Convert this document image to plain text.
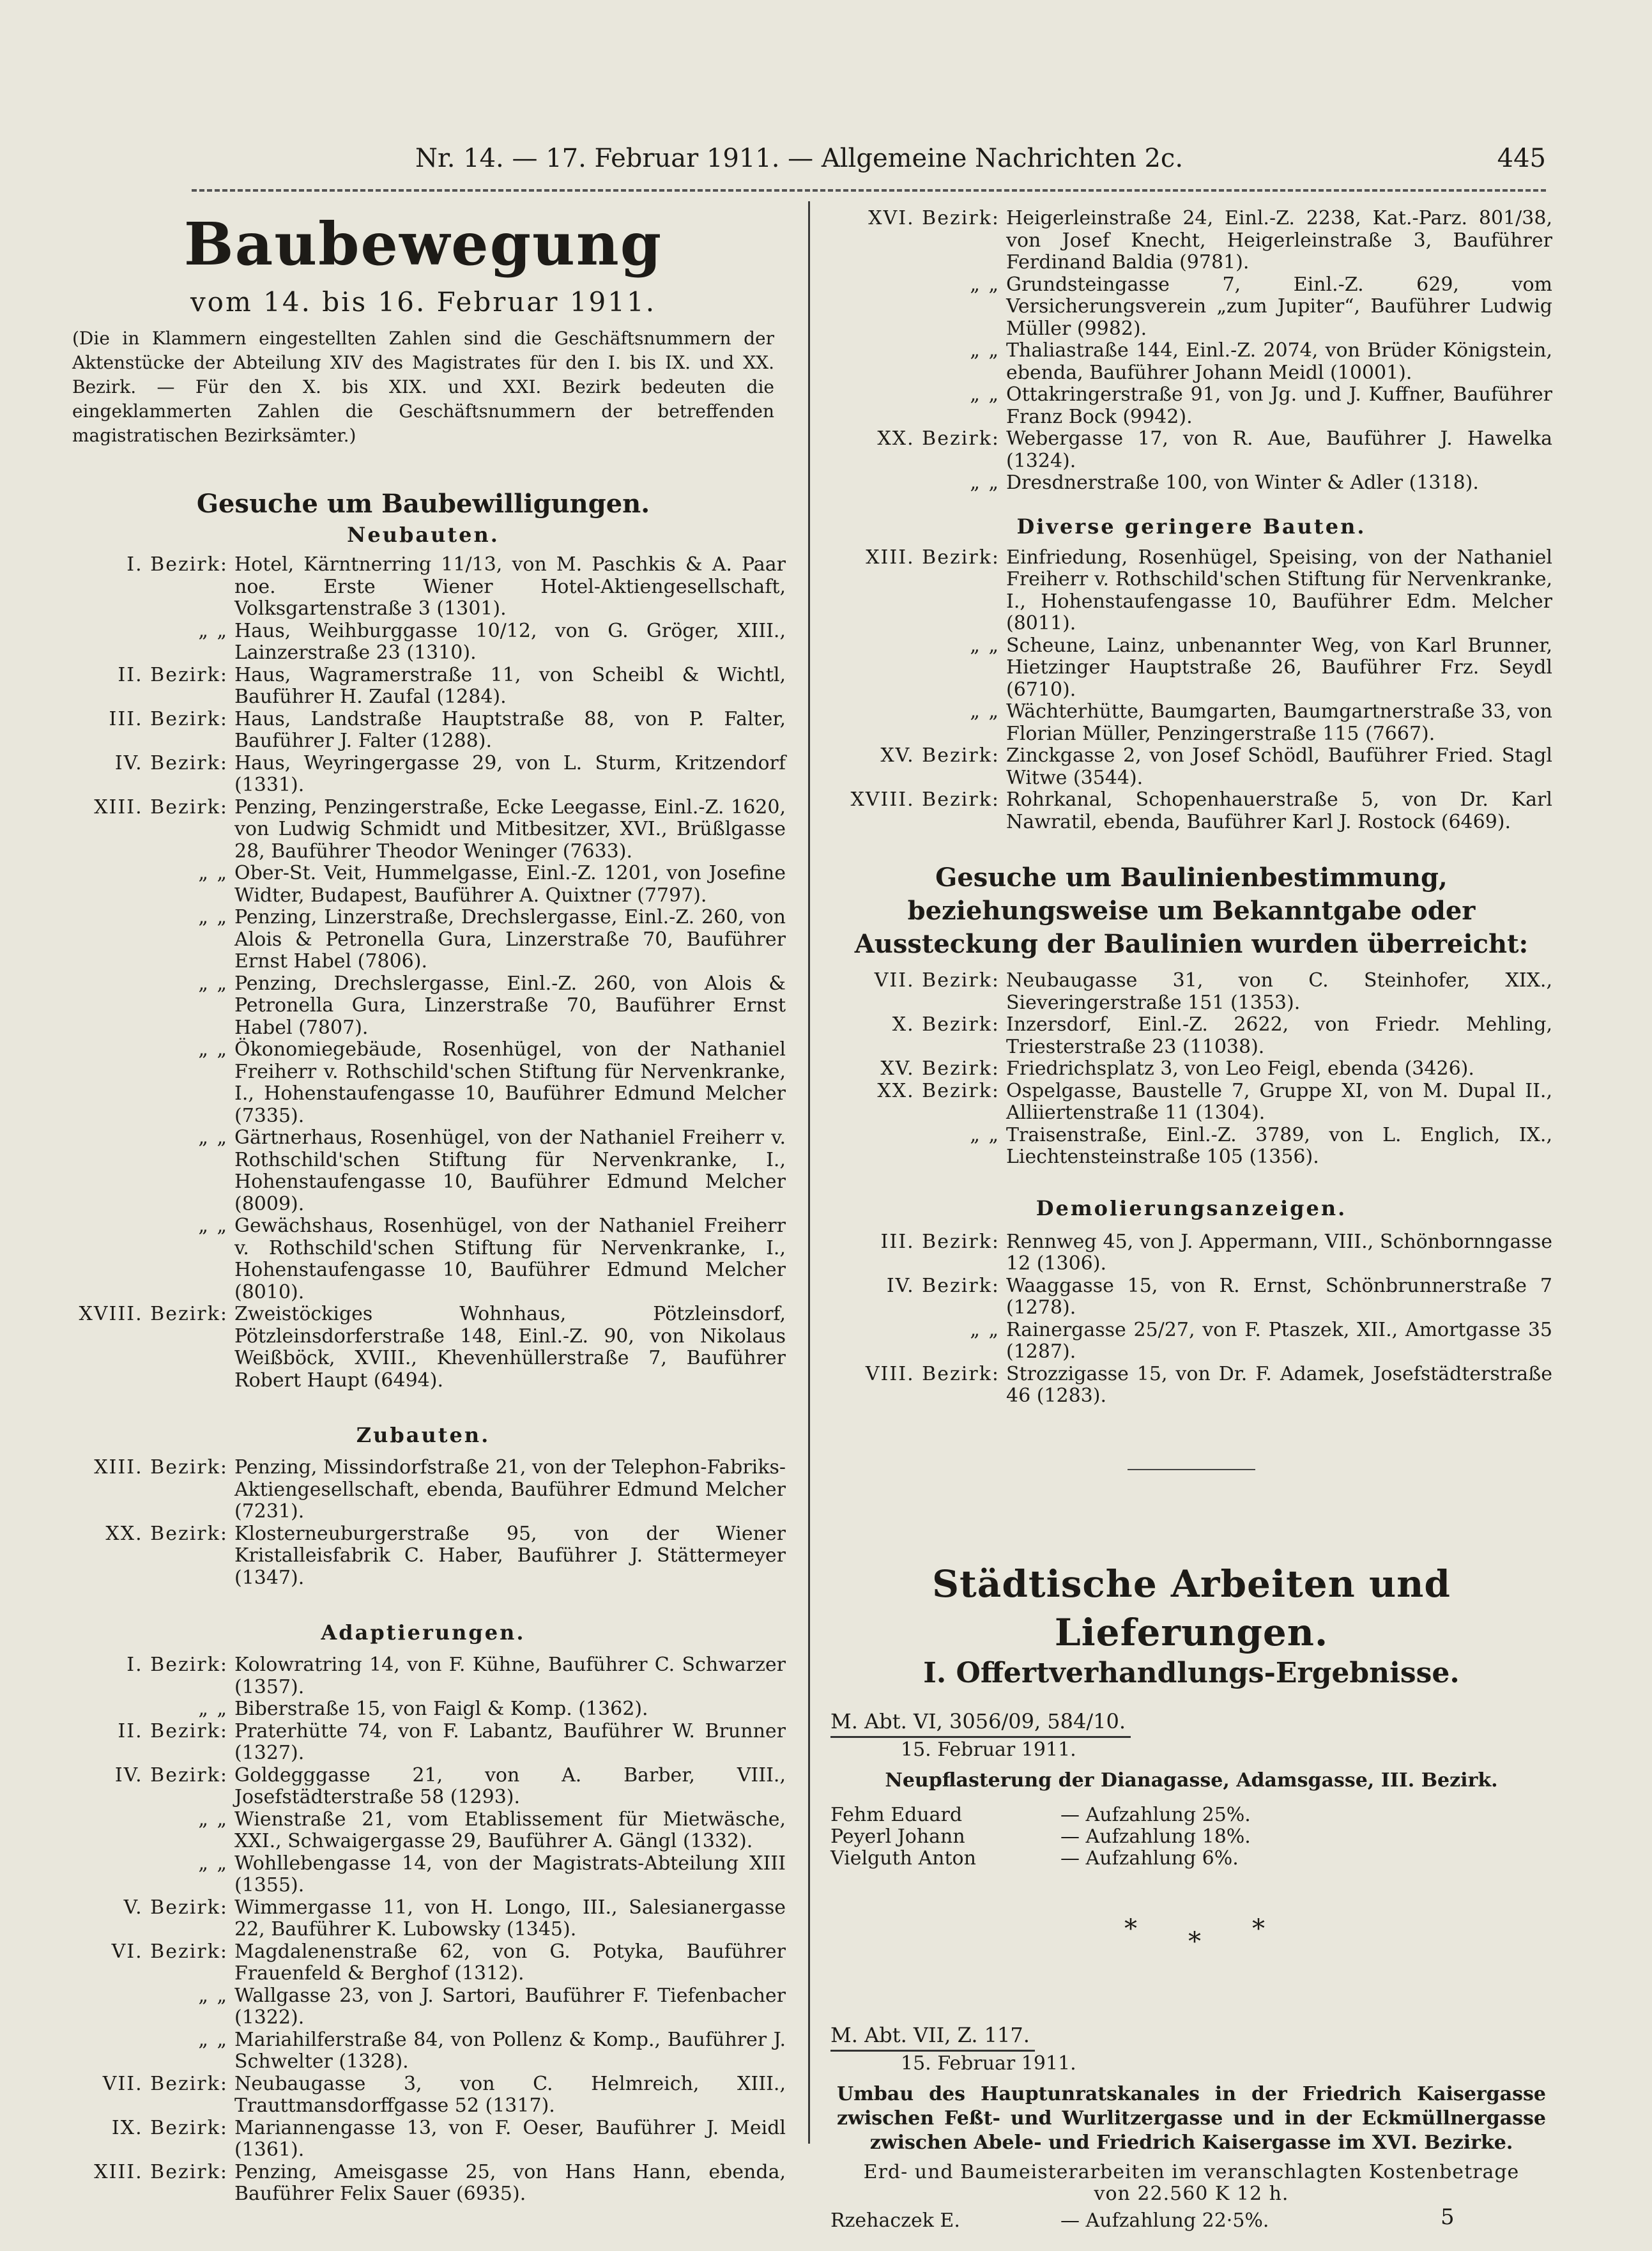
Nr. 14. — 17. Februar 1911. — Allgemeine Nachrichten 2c.	445
Baubewegung
vom 14. bis 16. Februar 1911.
(Die in Klammern eingestellten Zahlen sind die Geschäftsnummern der Aktenstücke der Abteilung XIV des Magistrates für den I. bis IX. und XX. Bezirk. — Für den X. bis XIX. und XXI. Bezirk bedeuten die eingeklammerten Zahlen die Geschäftsnummern der betreffenden magistratischen Bezirksämter.)
Gesuche um Baubewilligungen.
Neubauten.
I. Bezirk: Hotel, Kärntnerring 11/13, von M. Paschkis & A. Paar noe. Erste Wiener Hotel-Aktiengesellschaft, Volksgartenstraße 3 (1301).
„ „ Haus, Weihburggasse 10/12, von G. Gröger, XIII., Lainzerstraße 23 (1310).
II. Bezirk: Haus, Wagramerstraße 11, von Scheibl & Wichtl, Bauführer H. Zaufal (1284).
III. Bezirk: Haus, Landstraße Hauptstraße 88, von P. Falter, Bauführer J. Falter (1288).
IV. Bezirk: Haus, Weyringergasse 29, von L. Sturm, Kritzendorf (1331).
XIII. Bezirk: Penzing, Penzingerstraße, Ecke Leegasse, Einl.-Z. 1620, von Ludwig Schmidt und Mitbesitzer, XVI., Brüßlgasse 28, Bauführer Theodor Weninger (7633).
„ „ Ober-St. Veit, Hummelgasse, Einl.-Z. 1201, von Josefine Widter, Budapest, Bauführer A. Quixtner (7797).
„ „ Penzing, Linzerstraße, Drechslergasse, Einl.-Z. 260, von Alois & Petronella Gura, Linzerstraße 70, Bauführer Ernst Habel (7806).
„ „ Penzing, Drechslergasse, Einl.-Z. 260, von Alois & Petronella Gura, Linzerstraße 70, Bauführer Ernst Habel (7807).
„ „ Ökonomiegebäude, Rosenhügel, von der Nathaniel Freiherr v. Rothschild'schen Stiftung für Nervenkranke, I., Hohenstaufengasse 10, Bauführer Edmund Melcher (7335).
„ „ Gärtnerhaus, Rosenhügel, von der Nathaniel Freiherr v. Rothschild'schen Stiftung für Nervenkranke, I., Hohenstaufengasse 10, Bauführer Edmund Melcher (8009).
„ „ Gewächshaus, Rosenhügel, von der Nathaniel Freiherr v. Rothschild'schen Stiftung für Nervenkranke, I., Hohenstaufengasse 10, Bauführer Edmund Melcher (8010).
XVIII. Bezirk: Zweistöckiges Wohnhaus, Pötzleinsdorf, Pötzleinsdorferstraße 148, Einl.-Z. 90, von Nikolaus Weißböck, XVIII., Khevenhüllerstraße 7, Bauführer Robert Haupt (6494).
Zubauten.
XIII. Bezirk: Penzing, Missindorfstraße 21, von der Telephon-Fabriks-Aktiengesellschaft, ebenda, Bauführer Edmund Melcher (7231).
XX. Bezirk: Klosterneuburgerstraße 95, von der Wiener Kristalleisfabrik C. Haber, Bauführer J. Stättermeyer (1347).
Adaptierungen.
I. Bezirk: Kolowratring 14, von F. Kühne, Bauführer C. Schwarzer (1357).
„ „ Biberstraße 15, von Faigl & Komp. (1362).
II. Bezirk: Praterhütte 74, von F. Labantz, Bauführer W. Brunner (1327).
IV. Bezirk: Goldegggasse 21, von A. Barber, VIII., Josefstädterstraße 58 (1293).
„ „ Wienstraße 21, vom Etablissement für Mietwäsche, XXI., Schwaigergasse 29, Bauführer A. Gängl (1332).
„ „ Wohllebengasse 14, von der Magistrats-Abteilung XIII (1355).
V. Bezirk: Wimmergasse 11, von H. Longo, III., Salesianergasse 22, Bauführer K. Lubowsky (1345).
VI. Bezirk: Magdalenenstraße 62, von G. Potyka, Bauführer Frauenfeld & Berghof (1312).
„ „ Wallgasse 23, von J. Sartori, Bauführer F. Tiefenbacher (1322).
„ „ Mariahilferstraße 84, von Pollenz & Komp., Bauführer J. Schwelter (1328).
VII. Bezirk: Neubaugasse 3, von C. Helmreich, XIII., Trauttmansdorffgasse 52 (1317).
IX. Bezirk: Mariannengasse 13, von F. Oeser, Bauführer J. Meidl (1361).
XIII. Bezirk: Penzing, Ameisgasse 25, von Hans Hann, ebenda, Bauführer Felix Sauer (6935).
XVI. Bezirk: Heigerleinstraße 24, Einl.-Z. 2238, Kat.-Parz. 801/38, von Josef Knecht, Heigerleinstraße 3, Bauführer Ferdinand Baldia (9781).
„ „ Grundsteingasse 7, Einl.-Z. 629, vom Versicherungsverein „zum Jupiter“, Bauführer Ludwig Müller (9982).
„ „ Thaliastraße 144, Einl.-Z. 2074, von Brüder Königstein, ebenda, Bauführer Johann Meidl (10001).
„ „ Ottakringerstraße 91, von Jg. und J. Kuffner, Bauführer Franz Bock (9942).
XX. Bezirk: Webergasse 17, von R. Aue, Bauführer J. Hawelka (1324).
„ „ Dresdnerstraße 100, von Winter & Adler (1318).
Diverse geringere Bauten.
XIII. Bezirk: Einfriedung, Rosenhügel, Speising, von der Nathaniel Freiherr v. Rothschild'schen Stiftung für Nervenkranke, I., Hohenstaufengasse 10, Bauführer Edm. Melcher (8011).
„ „ Scheune, Lainz, unbenannter Weg, von Karl Brunner, Hietzinger Hauptstraße 26, Bauführer Frz. Seydl (6710).
„ „ Wächterhütte, Baumgarten, Baumgartnerstraße 33, von Florian Müller, Penzingerstraße 115 (7667).
XV. Bezirk: Zinckgasse 2, von Josef Schödl, Bauführer Fried. Stagl Witwe (3544).
XVIII. Bezirk: Rohrkanal, Schopenhauerstraße 5, von Dr. Karl Nawratil, ebenda, Bauführer Karl J. Rostock (6469).
Gesuche um Baulinienbestimmung, beziehungsweise um Bekanntgabe oder Aussteckung der Baulinien wurden überreicht:
VII. Bezirk: Neubaugasse 31, von C. Steinhofer, XIX., Sieveringerstraße 151 (1353).
X. Bezirk: Inzersdorf, Einl.-Z. 2622, von Friedr. Mehling, Triesterstraße 23 (11038).
XV. Bezirk: Friedrichsplatz 3, von Leo Feigl, ebenda (3426).
XX. Bezirk: Ospelgasse, Baustelle 7, Gruppe XI, von M. Dupal II., Alliiertenstraße 11 (1304).
„ „ Traisenstraße, Einl.-Z. 3789, von L. Englich, IX., Liechtensteinstraße 105 (1356).
Demolierungsanzeigen.
III. Bezirk: Rennweg 45, von J. Appermann, VIII., Schönbornngasse 12 (1306).
IV. Bezirk: Waaggasse 15, von R. Ernst, Schönbrunnerstraße 7 (1278).
„ „ Rainergasse 25/27, von F. Ptaszek, XII., Amortgasse 35 (1287).
VIII. Bezirk: Strozzigasse 15, von Dr. F. Adamek, Josefstädterstraße 46 (1283).
Städtische Arbeiten und Lieferungen.
I. Offertverhandlungs-Ergebnisse.
M. Abt. VI, 3056/09, 584/10.
15. Februar 1911.
Neupflasterung der Dianagasse, Adamsgasse, III. Bezirk.
Fehm Eduard	— Aufzahlung 25%.
Peyerl Johann	— Aufzahlung 18%.
Vielguth Anton	— Aufzahlung 6%.
* * *
M. Abt. VII, Z. 117.
15. Februar 1911.
Umbau des Hauptunratskanales in der Friedrich Kaisergasse zwischen Feßt- und Wurlitzergasse und in der Eckmüllnergasse zwischen Abele- und Friedrich Kaisergasse im XVI. Bezirke.
Erd- und Baumeisterarbeiten im veranschlagten Kostenbetrage von 22.560 K 12 h.
Rzehaczek E.	— Aufzahlung 22·5%.	5
